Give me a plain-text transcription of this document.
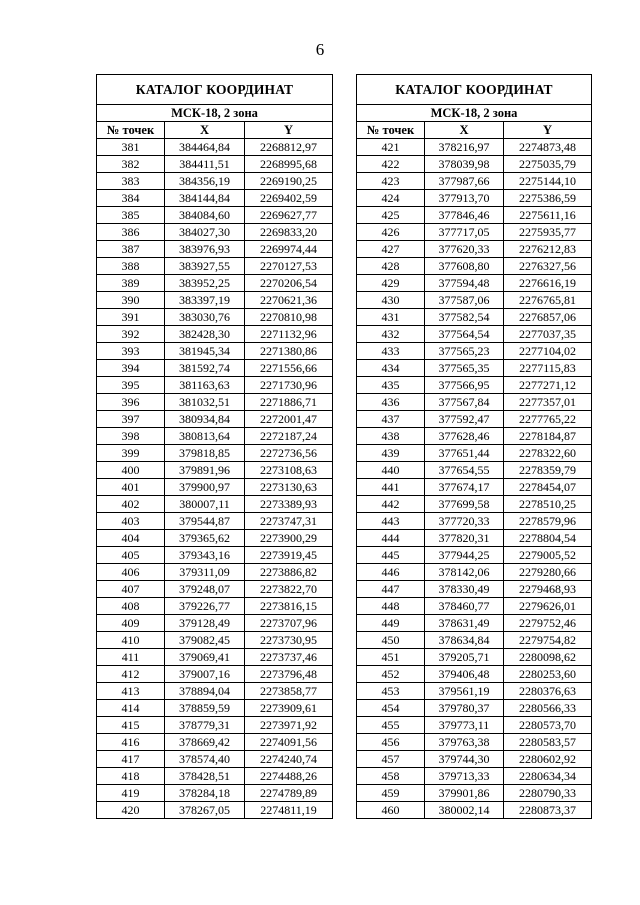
6
КАТАЛОГ КООРДИНАТ		
МСК-18, 2 зона		
№ точек	X	Y
381	384464,84	2268812,97
382	384411,51	2268995,68
383	384356,19	2269190,25
384	384144,84	2269402,59
385	384084,60	2269627,77
386	384027,30	2269833,20
387	383976,93	2269974,44
388	383927,55	2270127,53
389	383952,25	2270206,54
390	383397,19	2270621,36
391	383030,76	2270810,98
392	382428,30	2271132,96
393	381945,34	2271380,86
394	381592,74	2271556,66
395	381163,63	2271730,96
396	381032,51	2271886,71
397	380934,84	2272001,47
398	380813,64	2272187,24
399	379818,85	2272736,56
400	379891,96	2273108,63
401	379900,97	2273130,63
402	380007,11	2273389,93
403	379544,87	2273747,31
404	379365,62	2273900,29
405	379343,16	2273919,45
406	379311,09	2273886,82
407	379248,07	2273822,70
408	379226,77	2273816,15
409	379128,49	2273707,96
410	379082,45	2273730,95
411	379069,41	2273737,46
412	379007,16	2273796,48
413	378894,04	2273858,77
414	378859,59	2273909,61
415	378779,31	2273971,92
416	378669,42	2274091,56
417	378574,40	2274240,74
418	378428,51	2274488,26
419	378284,18	2274789,89
420	378267,05	2274811,19
КАТАЛОГ КООРДИНАТ		
МСК-18, 2 зона		
№ точек	X	Y
421	378216,97	2274873,48
422	378039,98	2275035,79
423	377987,66	2275144,10
424	377913,70	2275386,59
425	377846,46	2275611,16
426	377717,05	2275935,77
427	377620,33	2276212,83
428	377608,80	2276327,56
429	377594,48	2276616,19
430	377587,06	2276765,81
431	377582,54	2276857,06
432	377564,54	2277037,35
433	377565,23	2277104,02
434	377565,35	2277115,83
435	377566,95	2277271,12
436	377567,84	2277357,01
437	377592,47	2277765,22
438	377628,46	2278184,87
439	377651,44	2278322,60
440	377654,55	2278359,79
441	377674,17	2278454,07
442	377699,58	2278510,25
443	377720,33	2278579,96
444	377820,31	2278804,54
445	377944,25	2279005,52
446	378142,06	2279280,66
447	378330,49	2279468,93
448	378460,77	2279626,01
449	378631,49	2279752,46
450	378634,84	2279754,82
451	379205,71	2280098,62
452	379406,48	2280253,60
453	379561,19	2280376,63
454	379780,37	2280566,33
455	379773,11	2280573,70
456	379763,38	2280583,57
457	379744,30	2280602,92
458	379713,33	2280634,34
459	379901,86	2280790,33
460	380002,14	2280873,37
